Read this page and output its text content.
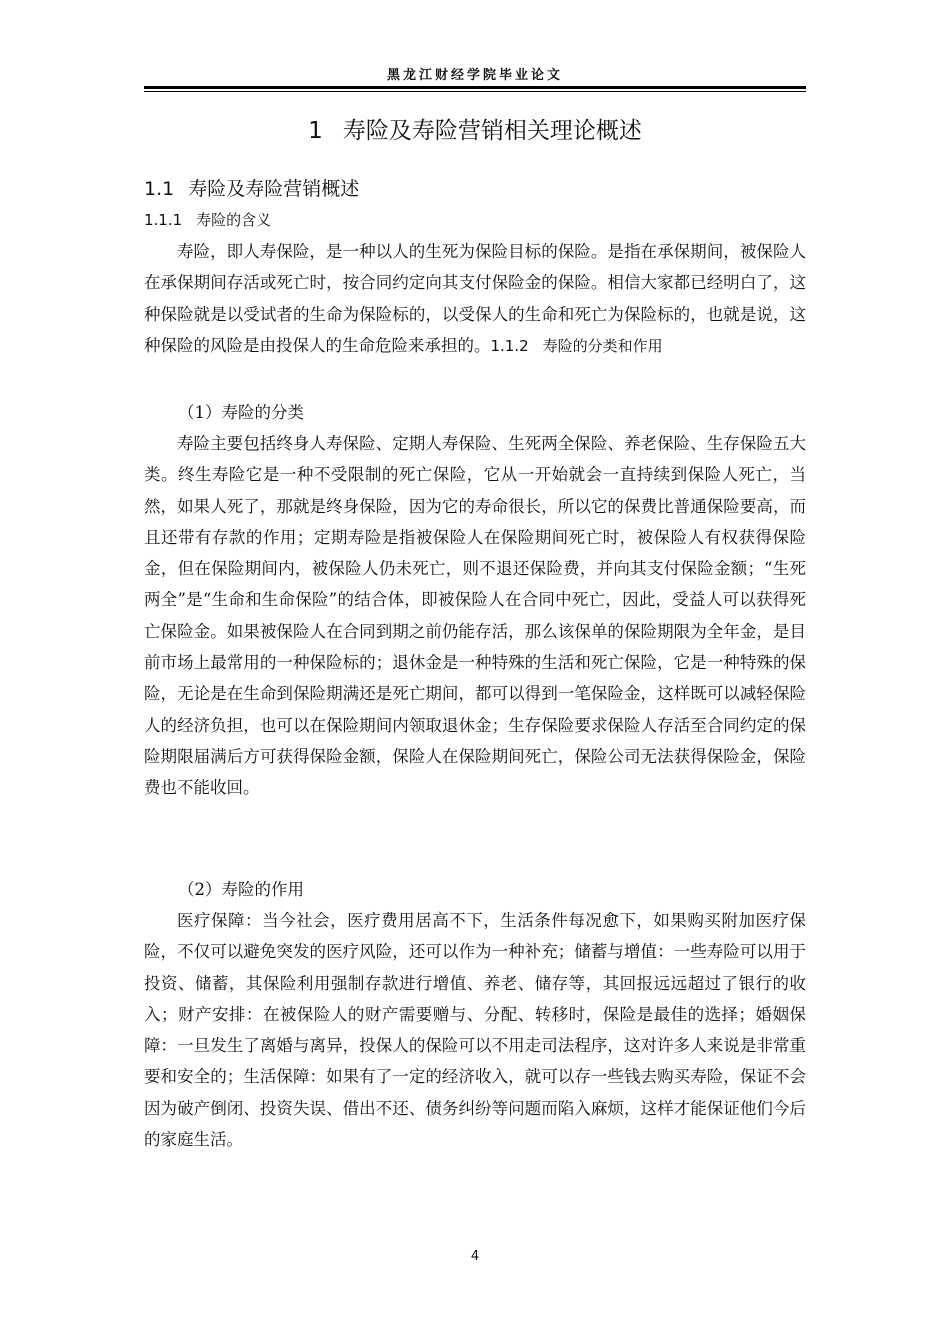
黑龙江财经学院毕业论文
1 寿险及寿险营销相关理论概述
1.1 寿险及寿险营销概述
1.1.1 寿险的含义

寿险，即人寿保险，是一种以人的生死为保险目标的保险。是指在承保期间，被保险人在承保期间存活或死亡时，按合同约定向其支付保险金的保险。相信大家都已经明白了，这种保险就是以受试者的生命为保险标的，以受保人的生命和死亡为保险标的，也就是说，这种保险的风险是由投保人的生命危险来承担的。1.1.2 寿险的分类和作用

（1）寿险的分类

寿险主要包括终身人寿保险、定期人寿保险、生死两全保险、养老保险、生存保险五大类。终生寿险它是一种不受限制的死亡保险，它从一开始就会一直持续到保险人死亡，当然，如果人死了，那就是终身保险，因为它的寿命很长，所以它的保费比普通保险要高，而且还带有存款的作用；定期寿险是指被保险人在保险期间死亡时，被保险人有权获得保险金，但在保险期间内，被保险人仍未死亡，则不退还保险费，并向其支付保险金额；“生死两全”是“生命和生命保险”的结合体，即被保险人在合同中死亡，因此，受益人可以获得死亡保险金。如果被保险人在合同到期之前仍能存活，那么该保单的保险期限为全年金，是目前市场上最常用的一种保险标的；退休金是一种特殊的生活和死亡保险，它是一种特殊的保险，无论是在生命到保险期满还是死亡期间，都可以得到一笔保险金，这样既可以减轻保险人的经济负担，也可以在保险期间内领取退休金；生存保险要求保险人存活至合同约定的保险期限届满后方可获得保险金额，保险人在保险期间死亡，保险公司无法获得保险金，保险费也不能收回。

（2）寿险的作用

医疗保障：当今社会，医疗费用居高不下，生活条件每况愈下，如果购买附加医疗保险，不仅可以避免突发的医疗风险，还可以作为一种补充；储蓄与增值：一些寿险可以用于投资、储蓄，其保险利用强制存款进行增值、养老、储存等，其回报远远超过了银行的收入；财产安排：在被保险人的财产需要赠与、分配、转移时，保险是最佳的选择；婚姻保障：一旦发生了离婚与离异，投保人的保险可以不用走司法程序，这对许多人来说是非常重要和安全的；生活保障：如果有了一定的经济收入，就可以存一些钱去购买寿险，保证不会因为破产倒闭、投资失误、借出不还、债务纠纷等问题而陷入麻烦，这样才能保证他们今后的家庭生活。

4
